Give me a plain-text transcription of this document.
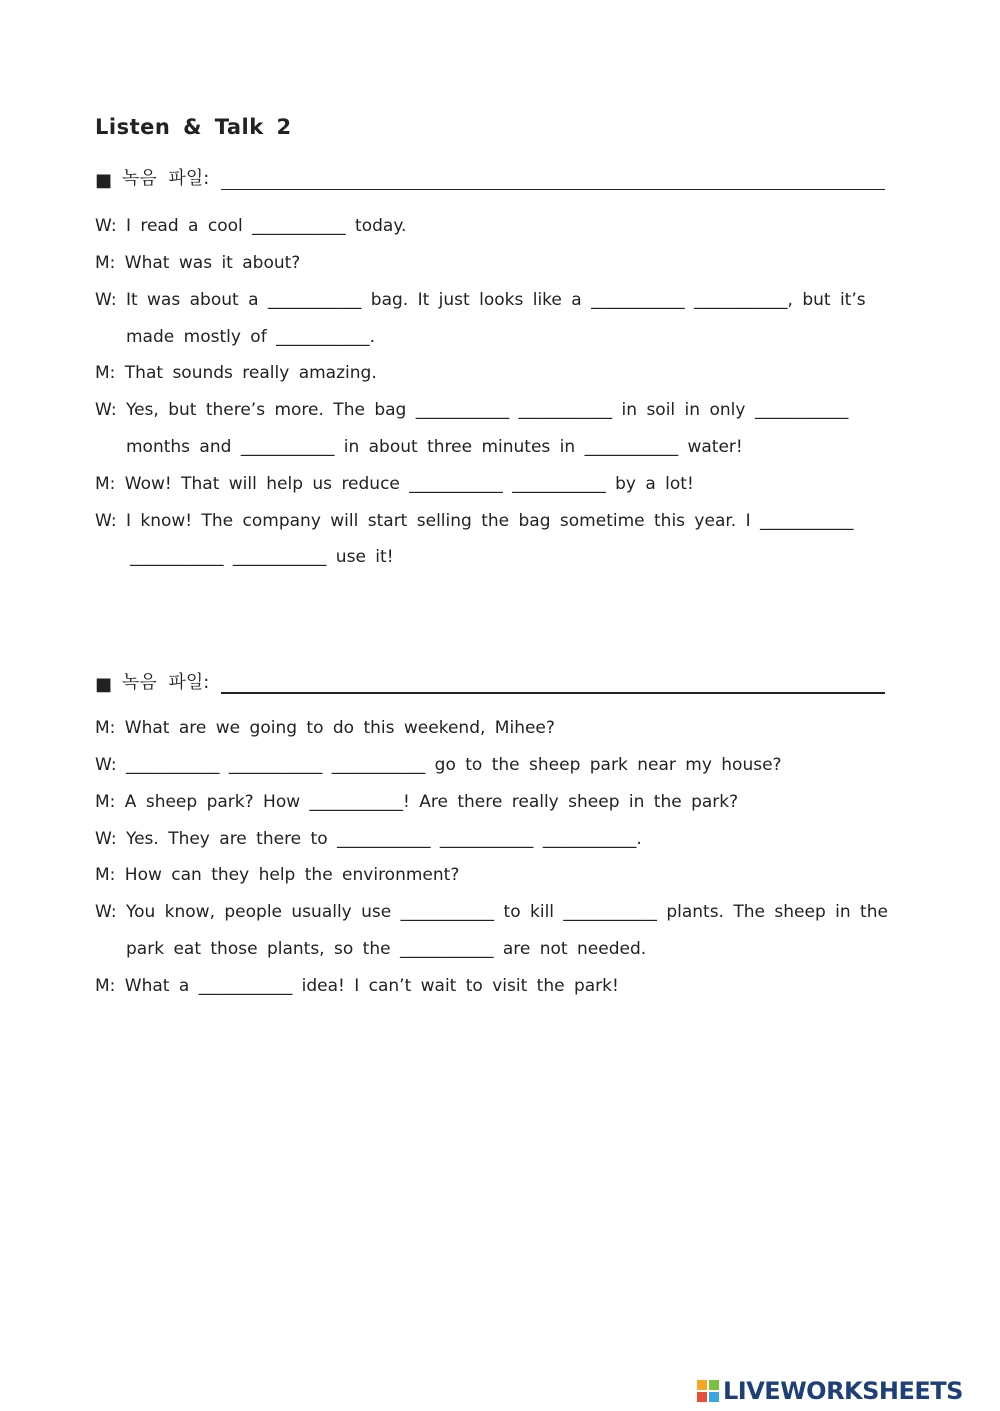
Listen & Talk 2
■ 녹음 파일:
W: I read a cool ___________ today.
M: What was it about?
W: It was about a ___________ bag. It just looks like a ___________ ___________, but it’s
made mostly of ___________.
M: That sounds really amazing.
W: Yes, but there’s more. The bag ___________ ___________ in soil in only ___________
months and ___________ in about three minutes in ___________ water!
M: Wow! That will help us reduce ___________ ___________ by a lot!
W: I know! The company will start selling the bag sometime this year. I ___________
___________ ___________ use it!
■ 녹음 파일:
M: What are we going to do this weekend, Mihee?
W: ___________ ___________ ___________ go to the sheep park near my house?
M: A sheep park? How ___________! Are there really sheep in the park?
W: Yes. They are there to ___________ ___________ ___________.
M: How can they help the environment?
W: You know, people usually use ___________ to kill ___________ plants. The sheep in the
park eat those plants, so the ___________ are not needed.
M: What a ___________ idea! I can’t wait to visit the park!
LIVEWORKSHEETS
